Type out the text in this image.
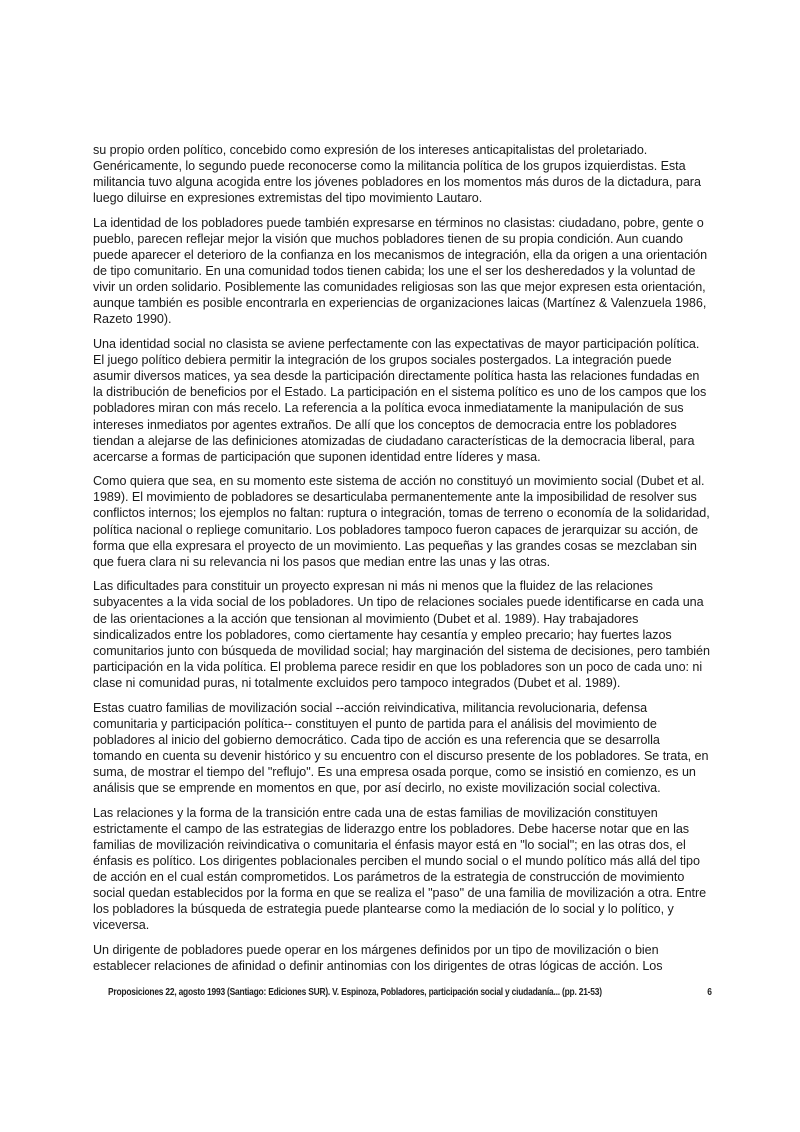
su propio orden político, concebido como expresión de los intereses anticapitalistas del proletariado. Genéricamente, lo segundo puede reconocerse como la militancia política de los grupos izquierdistas. Esta militancia tuvo alguna acogida entre los jóvenes pobladores en los momentos más duros de la dictadura, para luego diluirse en expresiones extremistas del tipo movimiento Lautaro.

La identidad de los pobladores puede también expresarse en términos no clasistas: ciudadano, pobre, gente o pueblo, parecen reflejar mejor la visión que muchos pobladores tienen de su propia condición. Aun cuando puede aparecer el deterioro de la confianza en los mecanismos de integración, ella da origen a una orientación de tipo comunitario. En una comunidad todos tienen cabida; los une el ser los desheredados y la voluntad de vivir un orden solidario. Posiblemente las comunidades religiosas son las que mejor expresen esta orientación, aunque también es posible encontrarla en experiencias de organizaciones laicas (Martínez & Valenzuela 1986, Razeto 1990).

Una identidad social no clasista se aviene perfectamente con las expectativas de mayor participación política. El juego político debiera permitir la integración de los grupos sociales postergados. La integración puede asumir diversos matices, ya sea desde la participación directamente política hasta las relaciones fundadas en la distribución de beneficios por el Estado. La participación en el sistema político es uno de los campos que los pobladores miran con más recelo. La referencia a la política evoca inmediatamente la manipulación de sus intereses inmediatos por agentes extraños. De allí que los conceptos de democracia entre los pobladores tiendan a alejarse de las definiciones atomizadas de ciudadano características de la democracia liberal, para acercarse a formas de participación que suponen identidad entre líderes y masa.

Como quiera que sea, en su momento este sistema de acción no constituyó un movimiento social (Dubet et al. 1989). El movimiento de pobladores se desarticulaba permanentemente ante la imposibilidad de resolver sus conflictos internos; los ejemplos no faltan: ruptura o integración, tomas de terreno o economía de la solidaridad, política nacional o repliege comunitario. Los pobladores tampoco fueron capaces de jerarquizar su acción, de forma que ella expresara el proyecto de un movimiento. Las pequeñas y las grandes cosas se mezclaban sin que fuera clara ni su relevancia ni los pasos que median entre las unas y las otras.

Las dificultades para constituir un proyecto expresan ni más ni menos que la fluidez de las relaciones subyacentes a la vida social de los pobladores. Un tipo de relaciones sociales puede identificarse en cada una de las orientaciones a la acción que tensionan al movimiento (Dubet et al. 1989). Hay trabajadores sindicalizados entre los pobladores, como ciertamente hay cesantía y empleo precario; hay fuertes lazos comunitarios junto con búsqueda de movilidad social; hay marginación del sistema de decisiones, pero también participación en la vida política. El problema parece residir en que los pobladores son un poco de cada uno: ni clase ni comunidad puras, ni totalmente excluidos pero tampoco integrados (Dubet et al. 1989).

Estas cuatro familias de movilización social --acción reivindicativa, militancia revolucionaria, defensa comunitaria y participación política-- constituyen el punto de partida para el análisis del movimiento de pobladores al inicio del gobierno democrático. Cada tipo de acción es una referencia que se desarrolla tomando en cuenta su devenir histórico y su encuentro con el discurso presente de los pobladores. Se trata, en suma, de mostrar el tiempo del "reflujo". Es una empresa osada porque, como se insistió en comienzo, es un análisis que se emprende en momentos en que, por así decirlo, no existe movilización social colectiva.

Las relaciones y la forma de la transición entre cada una de estas familias de movilización constituyen estrictamente el campo de las estrategias de liderazgo entre los pobladores. Debe hacerse notar que en las familias de movilización reivindicativa o comunitaria el énfasis mayor está en "lo social"; en las otras dos, el énfasis es político. Los dirigentes poblacionales perciben el mundo social o el mundo político más allá del tipo de acción en el cual están comprometidos. Los parámetros de la estrategia de construcción de movimiento social quedan establecidos por la forma en que se realiza el "paso" de una familia de movilización a otra. Entre los pobladores la búsqueda de estrategia puede plantearse como la mediación de lo social y lo político, y viceversa.

Un dirigente de pobladores puede operar en los márgenes definidos por un tipo de movilización o bien establecer relaciones de afinidad o definir antinomias con los dirigentes de otras lógicas de acción. Los

Proposiciones 22, agosto 1993 (Santiago: Ediciones SUR). V. Espinoza, Pobladores, participación social y ciudadanía... (pp. 21-53)	6
